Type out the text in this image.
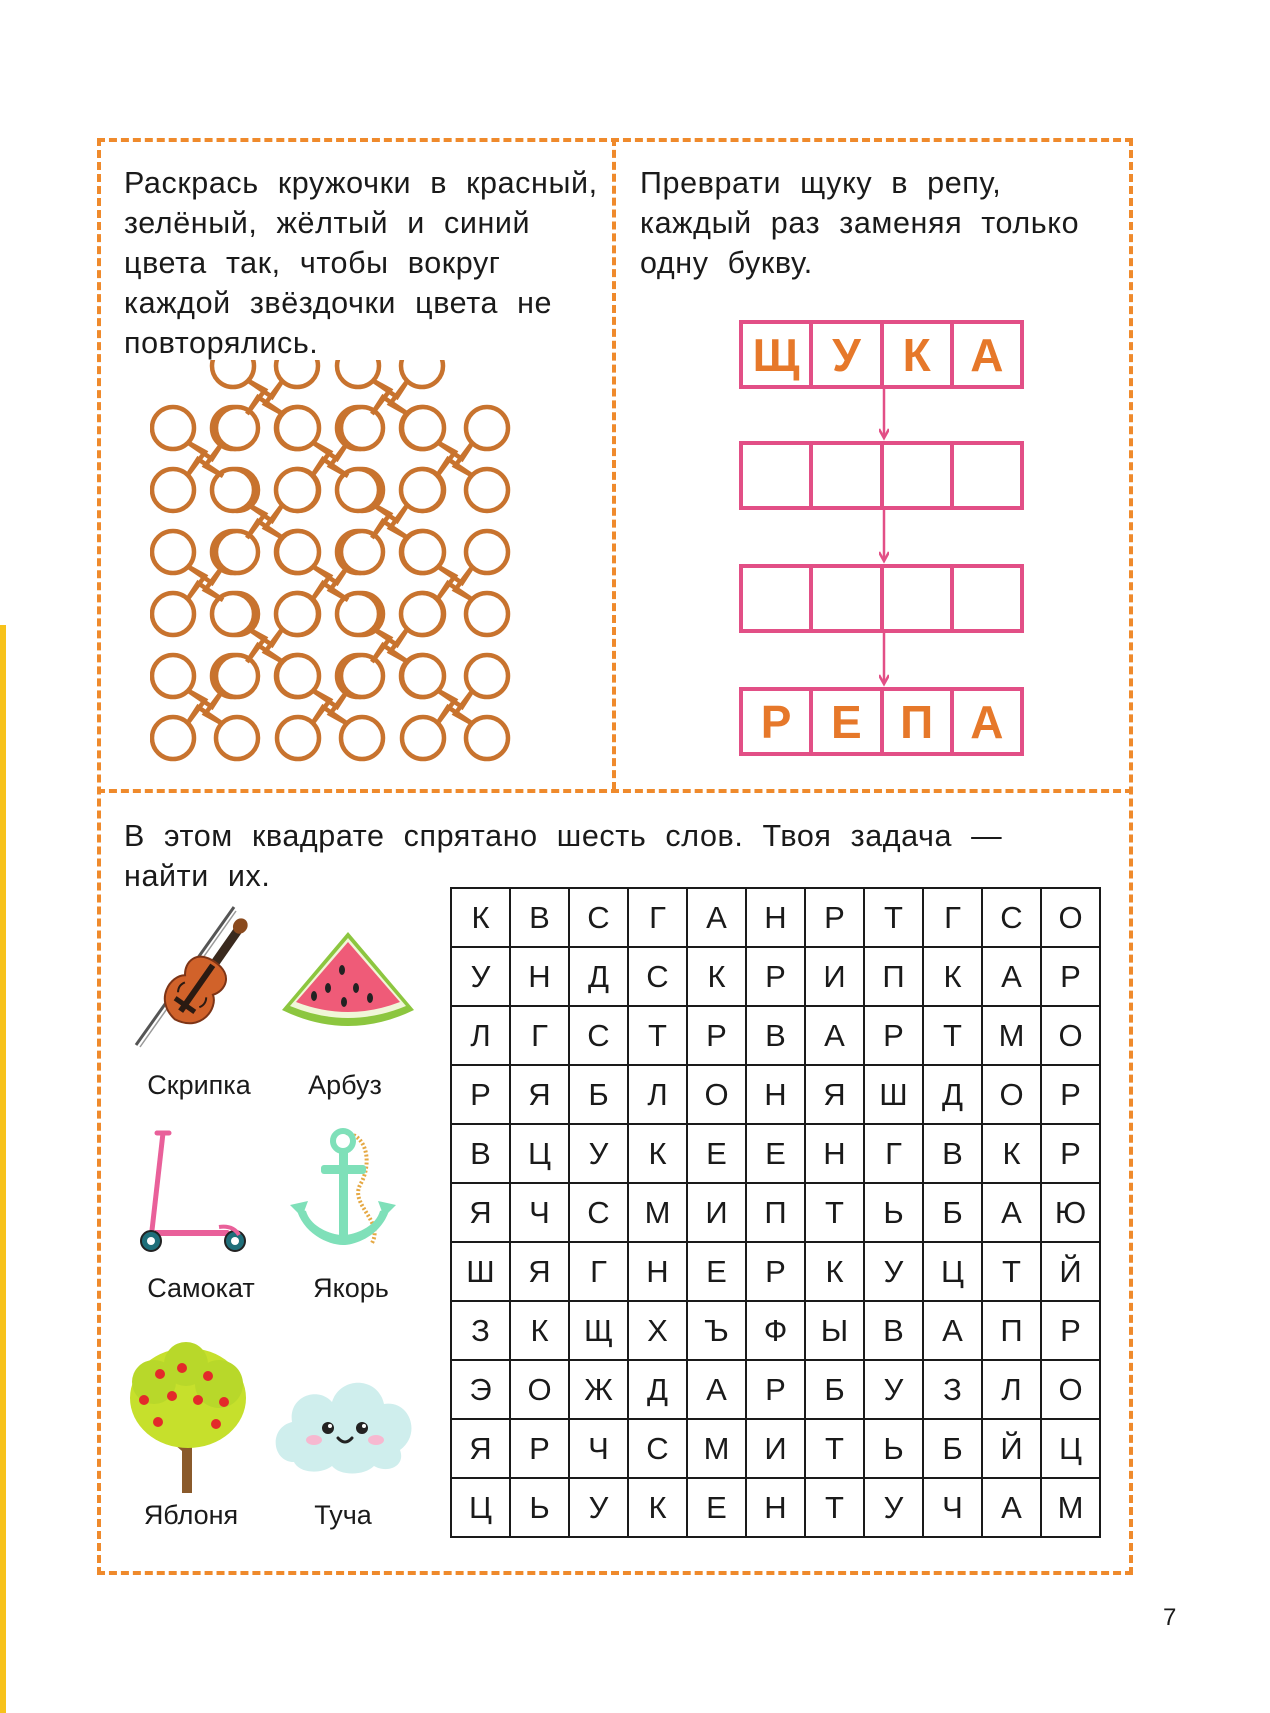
Раскрась кружочки в красный, зелёный, жёлтый и синий цвета так, чтобы вокруг каждой звёздочки цвета не повторялись.

Преврати щуку в репу, каждый раз заменяя только одну букву.

Щ У К А
Р Е П А

В этом квадрате спрятано шесть слов. Твоя задача — найти их.

К	В	С	Г	А	Н	Р	Т	Г	С	О
У	Н	Д	С	К	Р	И	П	К	А	Р
Л	Г	С	Т	Р	В	А	Р	Т	М	О
Р	Я	Б	Л	О	Н	Я	Ш	Д	О	Р
В	Ц	У	К	Е	Е	Н	Г	В	К	Р
Я	Ч	С	М	И	П	Т	Ь	Б	А	Ю
Ш	Я	Г	Н	Е	Р	К	У	Ц	Т	Й
З	К	Щ	Х	Ъ	Ф	Ы	В	А	П	Р
Э	О	Ж	Д	А	Р	Б	У	З	Л	О
Я	Р	Ч	С	М	И	Т	Ь	Б	Й	Ц
Ц	Ь	У	К	Е	Н	Т	У	Ч	А	М
Скрипка	Арбуз
Самокат	Якорь
Яблоня	Туча
7
